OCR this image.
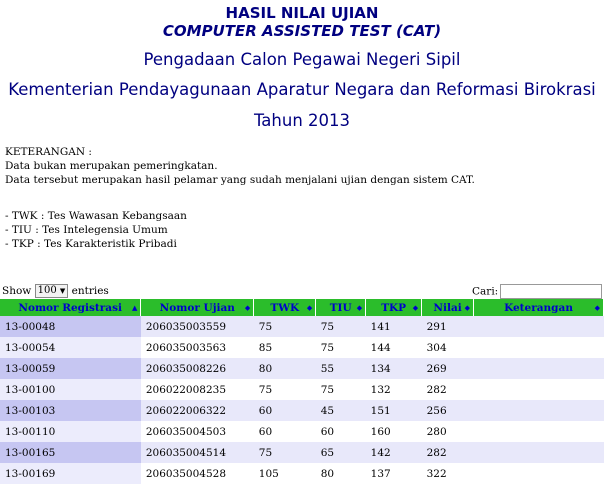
HASIL NILAI UJIAN
COMPUTER ASSISTED TEST (CAT)
Pengadaan Calon Pegawai Negeri Sipil
Kementerian Pendayagunaan Aparatur Negara dan Reformasi Birokrasi
Tahun 2013
KETERANGAN :
Data bukan merupakan pemeringkatan.
Data tersebut merupakan hasil pelamar yang sudah menjalani ujian dengan sistem CAT.
- TWK : Tes Wawasan Kebangsaan
- TIU : Tes Intelegensia Umum
- TKP : Tes Karakteristik Pribadi
Show 100 ▼ entries	Cari:
Nomor Registrasi ▲	Nomor Ujian ◆	TWK ◆	TIU ◆	TKP ◆	Nilai ◆	Keterangan ◆

13-00048	206035003559	75	75	141	291	
13-00054	206035003563	85	75	144	304	
13-00059	206035008226	80	55	134	269	
13-00100	206022008235	75	75	132	282	
13-00103	206022006322	60	45	151	256	
13-00110	206035004503	60	60	160	280	
13-00165	206035004514	75	65	142	282	
13-00169	206035004528	105	80	137	322	
